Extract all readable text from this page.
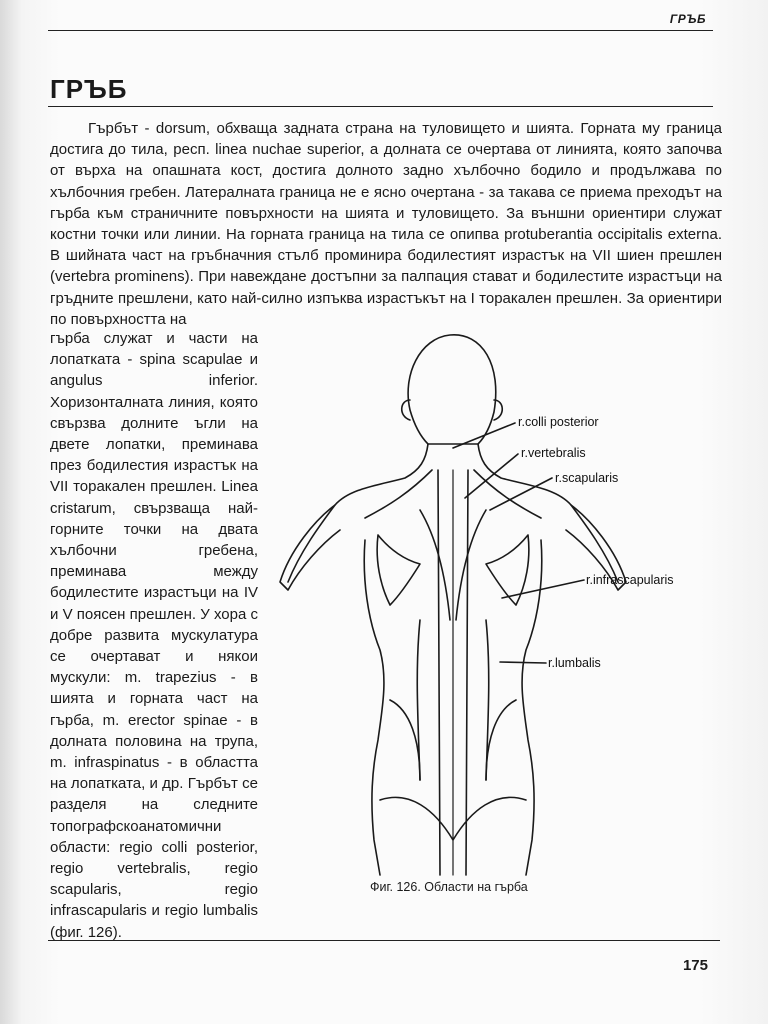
ГРЪБ
ГРЪБ

Гърбът - dorsum, обхваща задната страна на туловището и шията. Горната му граница достига до тила, респ. linea nuchae superior, а долната се очертава от линията, която започва от върха на опашната кост, достига долното задно хълбочно бодило и продължава по хълбочния гребен. Латералната граница не е ясно очертана - за такава се приема преходът на гърба към страничните повърхности на шията и туловището. За външни ориентири служат костни точки или линии. На горната граница на тила се опипва protuberantia occipitalis externa. В шийната част на гръбначния стълб проминира бодилестият израстък на VII шиен прешлен (vertebra prominens). При навеждане достъпни за палпация стават и бодилестите израстъци на гръдните прешлени, като най-силно изпъква израстъкът на I торакален прешлен. За ориентири по повърхността на

гърба служат и части на лопатката - spina scapulae и angulus inferior. Хоризонталната линия, която свързва долните ъгли на двете лопатки, преминава през бодилестия израстък на VII торакален прешлен. Linea cristarum, свързваща най-горните точки на двата хълбочни гребена, преминава между бодилестите израстъци на IV и V поясен прешлен. У хора с добре развита мускулатура се очертават и някои мускули: m. trapezius - в шията и горната част на гърба, m. erector spinae - в долната половина на трупа, m. infraspinatus - в областта на лопатката, и др. Гърбът се разделя на следните топографскоанатомични области: regio colli posterior, regio vertebralis, regio scapularis, regio infrascapularis и regio lumbalis (фиг. 126).

r.colli posterior
r.vertebralis
r.scapularis
r.infrascapularis
r.lumbalis
Фиг. 126. Области на гърба
175
